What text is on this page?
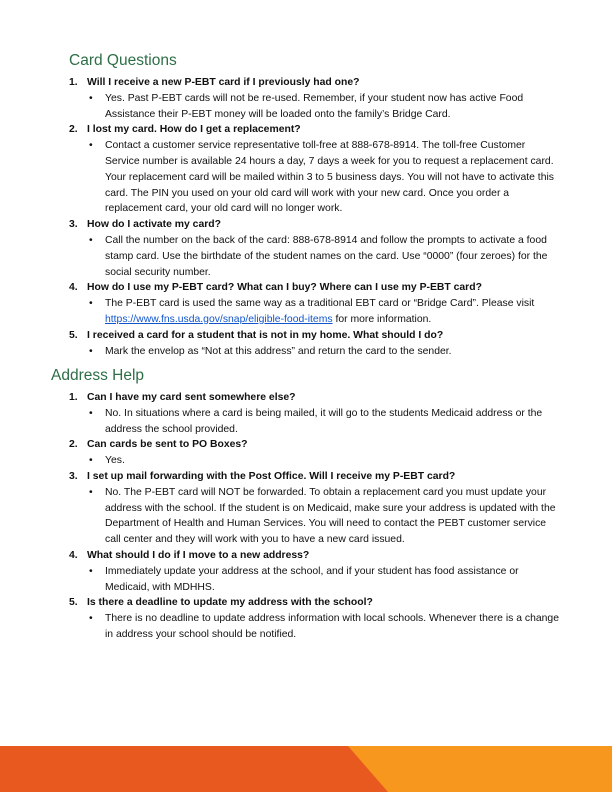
Card Questions
1. Will I receive a new P-EBT card if I previously had one?

• Yes. Past P-EBT cards will not be re-used. Remember, if your student now has active Food Assistance their P-EBT money will be loaded onto the family’s Bridge Card.
2. I lost my card. How do I get a replacement?

• Contact a customer service representative toll-free at 888-678-8914. The toll-free Customer Service number is available 24 hours a day, 7 days a week for you to request a replacement card. Your replacement card will be mailed within 3 to 5 business days. You will not have to activate this card. The PIN you used on your old card will work with your new card. Once you order a replacement card, your old card will no longer work.
3. How do I activate my card?

• Call the number on the back of the card: 888-678-8914 and follow the prompts to activate a food stamp card. Use the birthdate of the student names on the card. Use “0000” (four zeroes) for the social security number.
4. How do I use my P-EBT card? What can I buy? Where can I use my P-EBT card?

• The P-EBT card is used the same way as a traditional EBT card or “Bridge Card”. Please visit https://www.fns.usda.gov/snap/eligible-food-items for more information.
5. I received a card for a student that is not in my home. What should I do?

• Mark the envelop as “Not at this address” and return the card to the sender.
Address Help
1. Can I have my card sent somewhere else?

• No. In situations where a card is being mailed, it will go to the students Medicaid address or the address the school provided.
2. Can cards be sent to PO Boxes?

• Yes.
3. I set up mail forwarding with the Post Office. Will I receive my P-EBT card?

• No. The P-EBT card will NOT be forwarded. To obtain a replacement card you must update your address with the school. If the student is on Medicaid, make sure your address is updated with the Department of Health and Human Services. You will need to contact the PEBT customer service call center and they will work with you to have a new card issued.
4. What should I do if I move to a new address?

• Immediately update your address at the school, and if your student has food assistance or Medicaid, with MDHHS.
5. Is there a deadline to update my address with the school?

• There is no deadline to update address information with local schools. Whenever there is a change in address your school should be notified.
